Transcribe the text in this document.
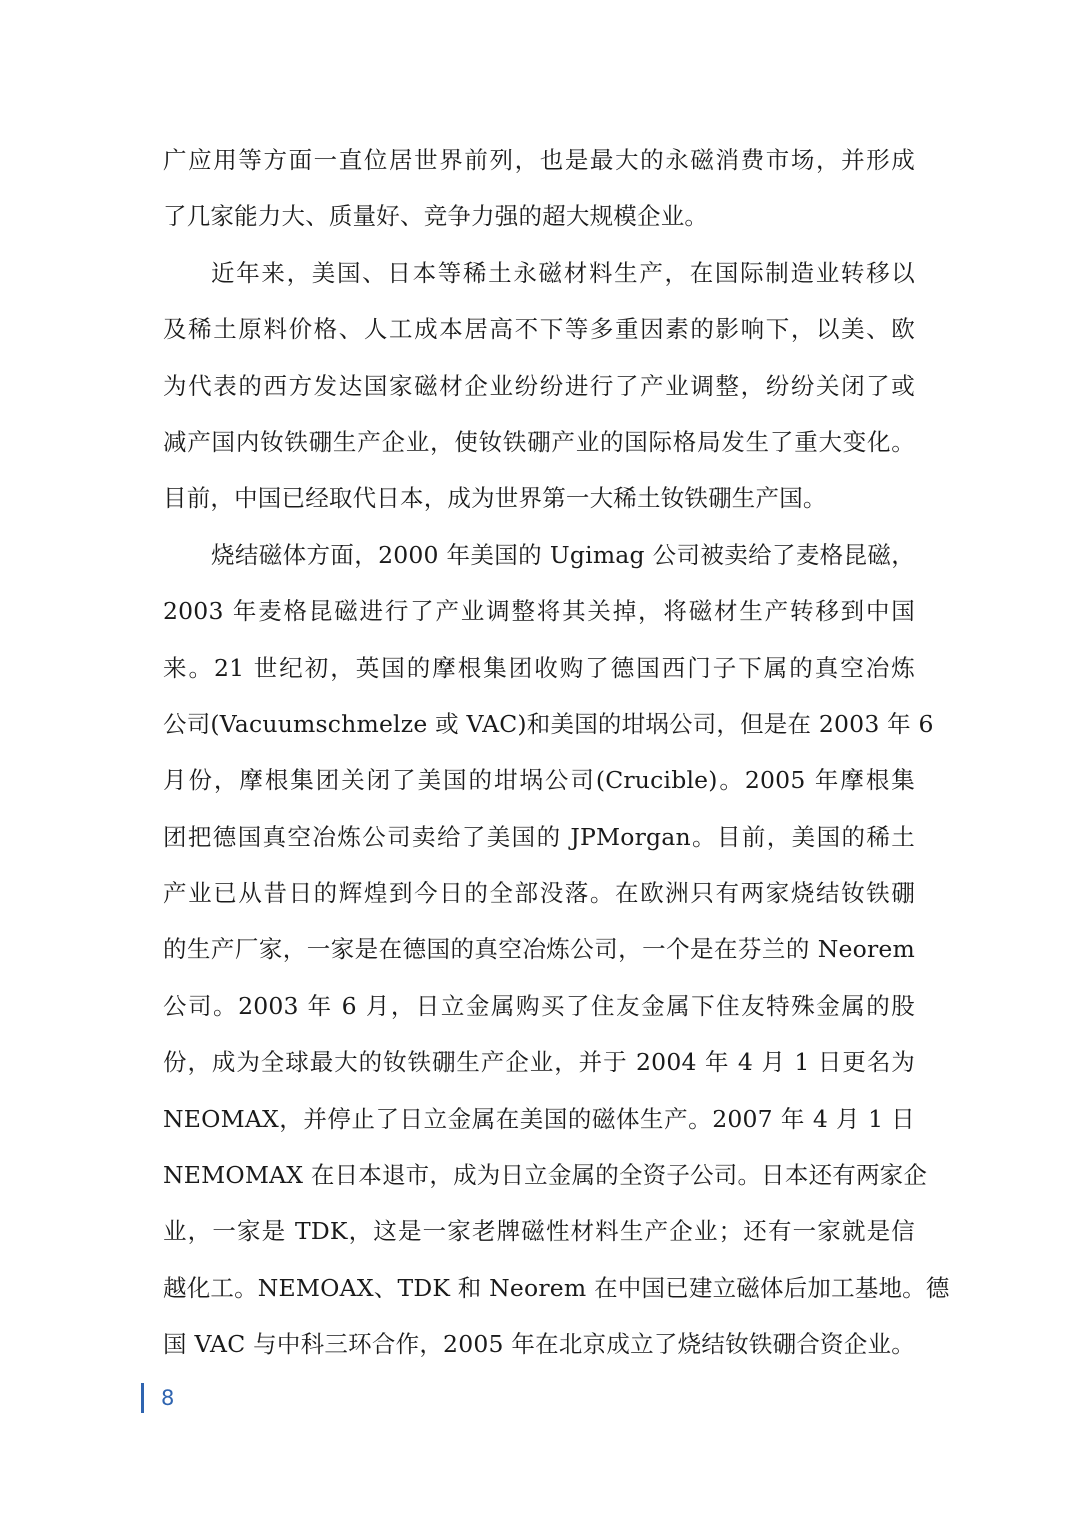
广应用等方面一直位居世界前列，也是最大的永磁消费市场，并形成
了几家能力大、质量好、竞争力强的超大规模企业。
近年来，美国、日本等稀土永磁材料生产，在国际制造业转移以
及稀土原料价格、人工成本居高不下等多重因素的影响下，以美、欧
为代表的西方发达国家磁材企业纷纷进行了产业调整，纷纷关闭了或
减产国内钕铁硼生产企业，使钕铁硼产业的国际格局发生了重大变化。
目前，中国已经取代日本，成为世界第一大稀土钕铁硼生产国。
烧结磁体方面，2000 年美国的 Ugimag 公司被卖给了麦格昆磁，
2003 年麦格昆磁进行了产业调整将其关掉，将磁材生产转移到中国
来。21 世纪初，英国的摩根集团收购了德国西门子下属的真空冶炼
公司(Vacuumschmelze 或 VAC)和美国的坩埚公司，但是在 2003 年 6
月份，摩根集团关闭了美国的坩埚公司(Crucible)。2005 年摩根集
团把德国真空冶炼公司卖给了美国的 JPMorgan。目前，美国的稀土
产业已从昔日的辉煌到今日的全部没落。在欧洲只有两家烧结钕铁硼
的生产厂家，一家是在德国的真空冶炼公司，一个是在芬兰的 Neorem
公司。2003 年 6 月，日立金属购买了住友金属下住友特殊金属的股
份，成为全球最大的钕铁硼生产企业，并于 2004 年 4 月 1 日更名为
NEOMAX，并停止了日立金属在美国的磁体生产。2007 年 4 月 1 日
NEMOMAX 在日本退市，成为日立金属的全资子公司。日本还有两家企
业，一家是 TDK，这是一家老牌磁性材料生产企业；还有一家就是信
越化工。NEMOAX、TDK 和 Neorem 在中国已建立磁体后加工基地。德
国 VAC 与中科三环合作，2005 年在北京成立了烧结钕铁硼合资企业。
8
